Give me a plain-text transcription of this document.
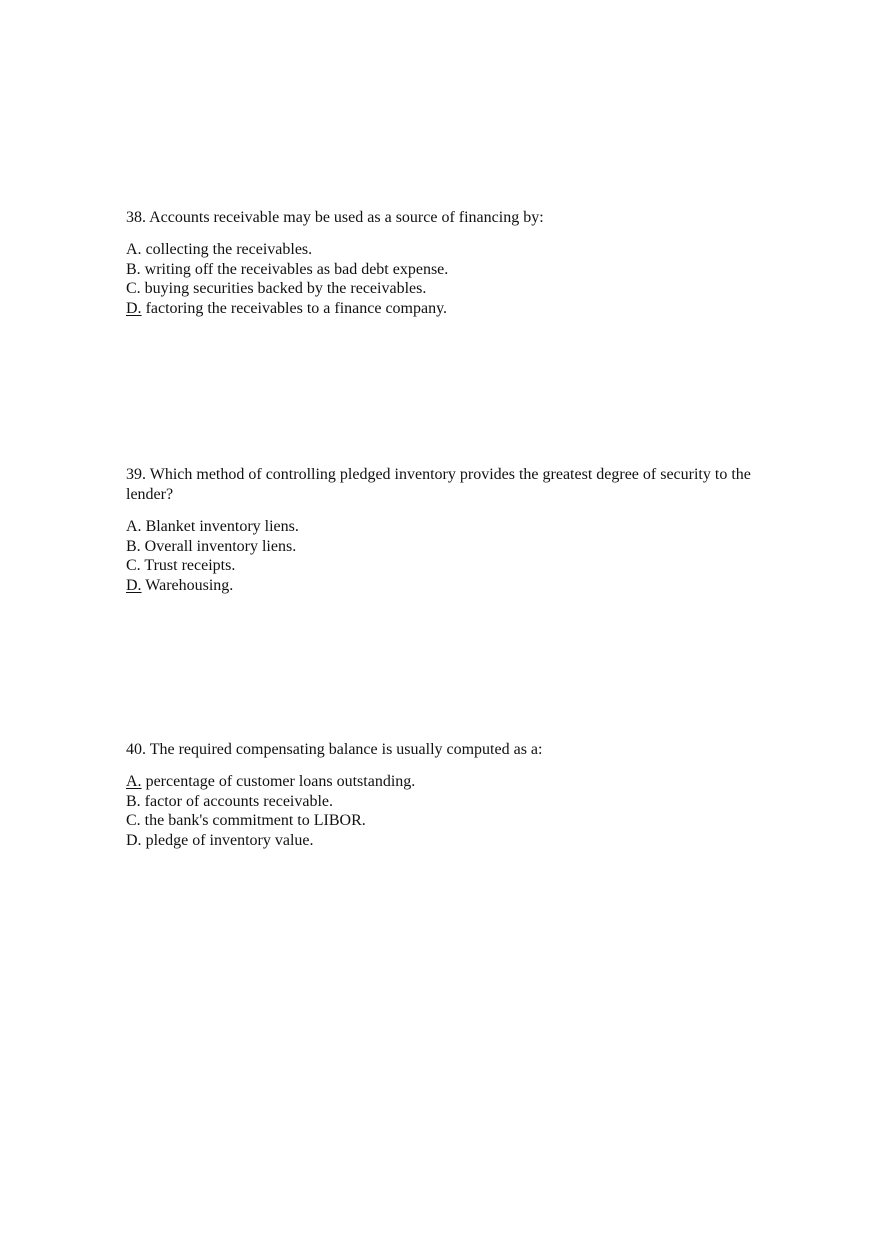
38. Accounts receivable may be used as a source of financing by:

A. collecting the receivables.
B. writing off the receivables as bad debt expense.
C. buying securities backed by the receivables.
D. factoring the receivables to a finance company.

39. Which method of controlling pledged inventory provides the greatest degree of security to the lender?

A. Blanket inventory liens.
B. Overall inventory liens.
C. Trust receipts.
D. Warehousing.

40. The required compensating balance is usually computed as a:

A. percentage of customer loans outstanding.
B. factor of accounts receivable.
C. the bank's commitment to LIBOR.
D. pledge of inventory value.
